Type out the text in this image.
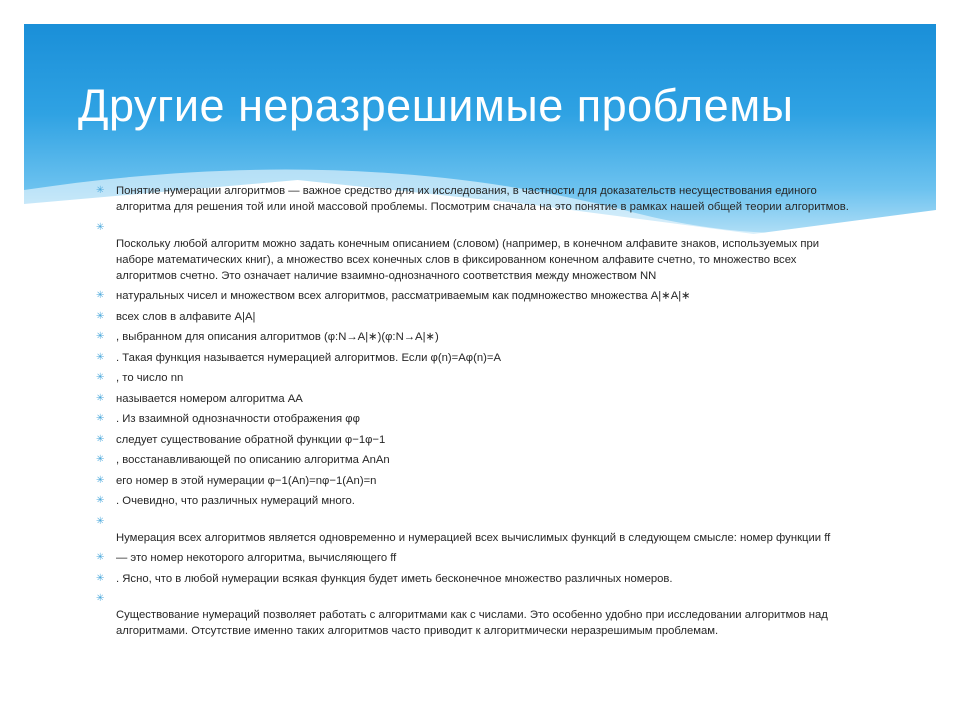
Другие неразрешимые проблемы
✳ Понятие нумерации алгоритмов — важное средство для их исследования, в частности для доказательств несуществования единого алгоритма для решения той или иной массовой проблемы. Посмотрим сначала на это понятие в рамках нашей общей теории алгоритмов.
✳
Поскольку любой алгоритм можно задать конечным описанием (словом) (например, в конечном алфавите знаков, используемых при наборе математических книг), а множество всех конечных слов в фиксированном конечном алфавите счетно, то множество всех алгоритмов счетно. Это означает наличие взаимно-однозначного соответствия между множеством NN
✳ натуральных чисел и множеством всех алгоритмов, рассматриваемым как подмножество множества A|∗A|∗
✳ всех слов в алфавите A|A|
✳ , выбранном для описания алгоритмов (φ:N→A|∗)(φ:N→A|∗)
✳ . Такая функция называется нумерацией алгоритмов. Если φ(n)=Aφ(n)=A
✳ , то число nn
✳ называется номером алгоритма AA
✳ . Из взаимной однозначности отображения φφ
✳ следует существование обратной функции φ−1φ−1
✳ , восстанавливающей по описанию алгоритма AnAn
✳ его номер в этой нумерации φ−1(An)=nφ−1(An)=n
✳ . Очевидно, что различных нумераций много.
✳
Нумерация всех алгоритмов является одновременно и нумерацией всех вычислимых функций в следующем смысле: номер функции ff
✳ — это номер некоторого алгоритма, вычисляющего ff
✳ . Ясно, что в любой нумерации всякая функция будет иметь бесконечное множество различных номеров.
✳
Существование нумераций позволяет работать с алгоритмами как с числами. Это особенно удобно при исследовании алгоритмов над алгоритмами. Отсутствие именно таких алгоритмов часто приводит к алгоритмически неразрешимым проблемам.
